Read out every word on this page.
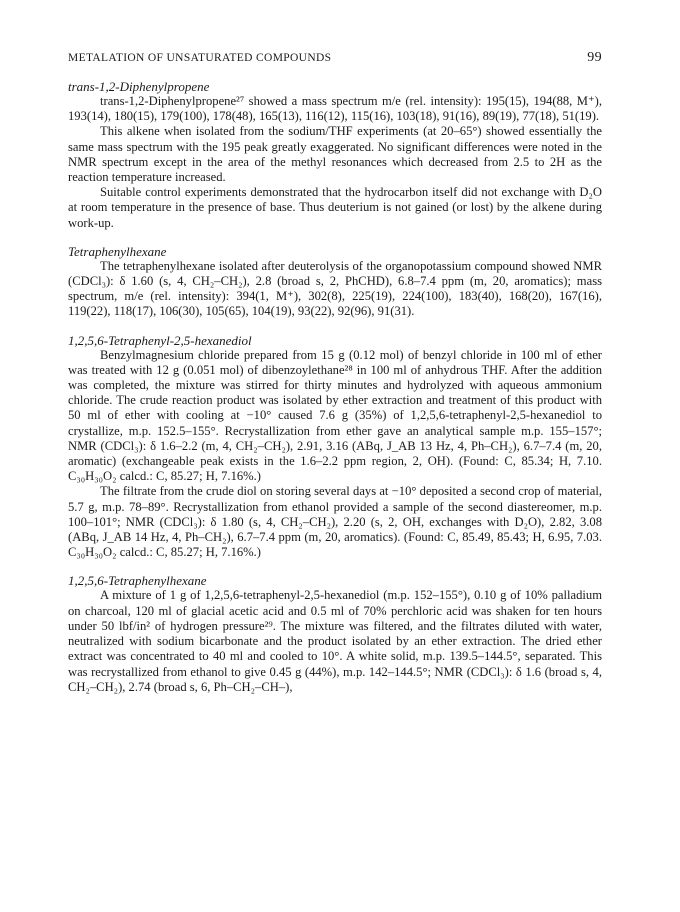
METALATION OF UNSATURATED COMPOUNDS	99

trans-1,2-Diphenylpropene

trans-1,2-Diphenylpropene²⁷ showed a mass spectrum m/e (rel. intensity): 195(15), 194(88, M⁺), 193(14), 180(15), 179(100), 178(48), 165(13), 116(12), 115(16), 103(18), 91(16), 89(19), 77(18), 51(19).

This alkene when isolated from the sodium/THF experiments (at 20–65°) showed essentially the same mass spectrum with the 195 peak greatly exaggerated. No significant differences were noted in the NMR spectrum except in the area of the methyl resonances which decreased from 2.5 to 2H as the reaction temperature increased.

Suitable control experiments demonstrated that the hydrocarbon itself did not exchange with D₂O at room temperature in the presence of base. Thus deuterium is not gained (or lost) by the alkene during work-up.

Tetraphenylhexane

The tetraphenylhexane isolated after deuterolysis of the organopotassium compound showed NMR (CDCl₃): δ 1.60 (s, 4, CH₂–CH₂), 2.8 (broad s, 2, PhCHD), 6.8–7.4 ppm (m, 20, aromatics); mass spectrum, m/e (rel. intensity): 394(1, M⁺), 302(8), 225(19), 224(100), 183(40), 168(20), 167(16), 119(22), 118(17), 106(30), 105(65), 104(19), 93(22), 92(96), 91(31).

1,2,5,6-Tetraphenyl-2,5-hexanediol

Benzylmagnesium chloride prepared from 15 g (0.12 mol) of benzyl chloride in 100 ml of ether was treated with 12 g (0.051 mol) of dibenzoylethane²⁸ in 100 ml of anhydrous THF. After the addition was completed, the mixture was stirred for thirty minutes and hydrolyzed with aqueous ammonium chloride. The crude reaction product was isolated by ether extraction and treatment of this product with 50 ml of ether with cooling at −10° caused 7.6 g (35%) of 1,2,5,6-tetraphenyl-2,5-hexanediol to crystallize, m.p. 152.5–155°. Recrystallization from ether gave an analytical sample m.p. 155–157°; NMR (CDCl₃): δ 1.6–2.2 (m, 4, CH₂–CH₂), 2.91, 3.16 (ABq, J_AB 13 Hz, 4, Ph–CH₂), 6.7–7.4 (m, 20, aromatic) (exchangeable peak exists in the 1.6–2.2 ppm region, 2, OH). (Found: C, 85.34; H, 7.10. C₃₀H₃₀O₂ calcd.: C, 85.27; H, 7.16%.)

The filtrate from the crude diol on storing several days at −10° deposited a second crop of material, 5.7 g, m.p. 78–89°. Recrystallization from ethanol provided a sample of the second diastereomer, m.p. 100–101°; NMR (CDCl₃): δ 1.80 (s, 4, CH₂–CH₂), 2.20 (s, 2, OH, exchanges with D₂O), 2.82, 3.08 (ABq, J_AB 14 Hz, 4, Ph–CH₂), 6.7–7.4 ppm (m, 20, aromatics). (Found: C, 85.49, 85.43; H, 6.95, 7.03. C₃₀H₃₀O₂ calcd.: C, 85.27; H, 7.16%.)

1,2,5,6-Tetraphenylhexane

A mixture of 1 g of 1,2,5,6-tetraphenyl-2,5-hexanediol (m.p. 152–155°), 0.10 g of 10% palladium on charcoal, 120 ml of glacial acetic acid and 0.5 ml of 70% perchloric acid was shaken for ten hours under 50 lbf/in² of hydrogen pressure²⁹. The mixture was filtered, and the filtrates diluted with water, neutralized with sodium bicarbonate and the product isolated by an ether extraction. The dried ether extract was concentrated to 40 ml and cooled to 10°. A white solid, m.p. 139.5–144.5°, separated. This was recrystallized from ethanol to give 0.45 g (44%), m.p. 142–144.5°; NMR (CDCl₃): δ 1.6 (broad s, 4, CH₂–CH₂), 2.74 (broad s, 6, Ph–CH₂–CH–),
